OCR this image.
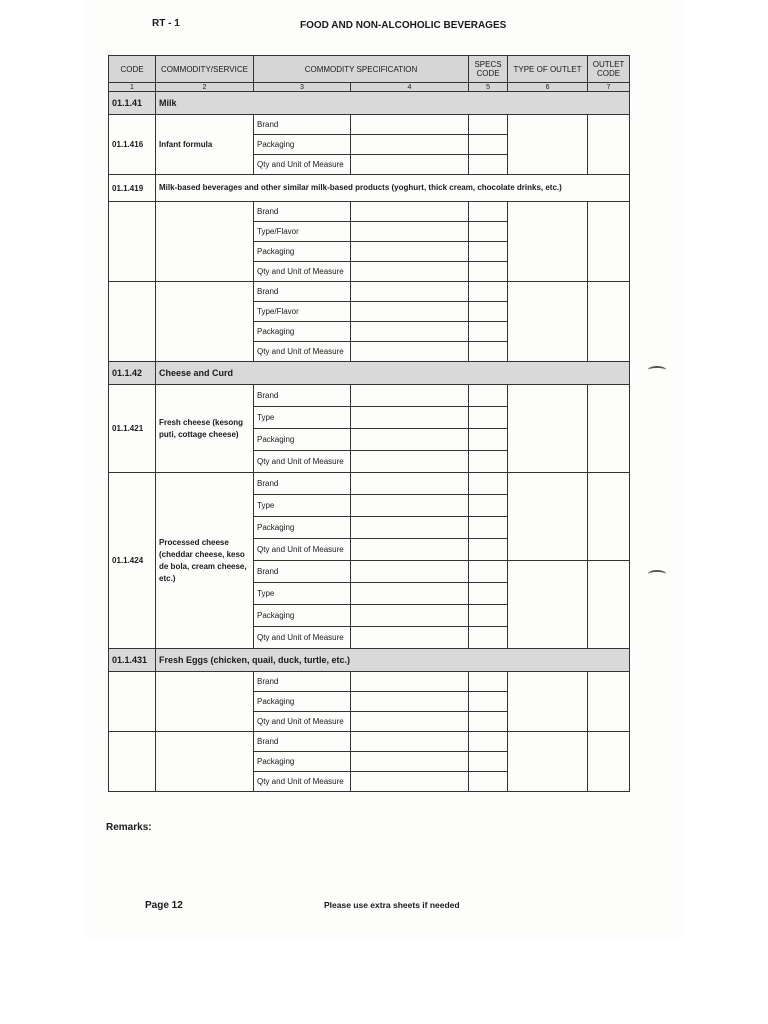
RT - 1	FOOD AND NON-ALCOHOLIC BEVERAGES
CODE	COMMODITY/SERVICE	COMMODITY SPECIFICATION		SPECS CODE	TYPE OF OUTLET	OUTLET CODE
1	2	3	4	5	6	7
01.1.41	Milk					
01.1.416	Infant formula	Brand				
		Packaging				
		Qty and Unit of Measure				
01.1.419	Milk-based beverages and other similar milk-based products (yoghurt, thick cream, chocolate drinks, etc.)					
		Brand				
		Type/Flavor				
		Packaging				
		Qty and Unit of Measure				
		Brand				
		Type/Flavor				
		Packaging				
		Qty and Unit of Measure				
01.1.42	Cheese and Curd					
01.1.421	Fresh cheese (kesong puti, cottage cheese)	Brand				
		Type				
		Packaging				
		Qty and Unit of Measure				
01.1.424	Processed cheese (cheddar cheese, keso de bola, cream cheese, etc.)	Brand				
		Type				
		Packaging				
		Qty and Unit of Measure				
		Brand				
		Type				
		Packaging				
		Qty and Unit of Measure				
01.1.431	Fresh Eggs (chicken, quail, duck, turtle, etc.)					
		Brand				
		Packaging				
		Qty and Unit of Measure				
		Brand				
		Packaging				
		Qty and Unit of Measure				
Remarks:
Page 12	Please use extra sheets if needed
